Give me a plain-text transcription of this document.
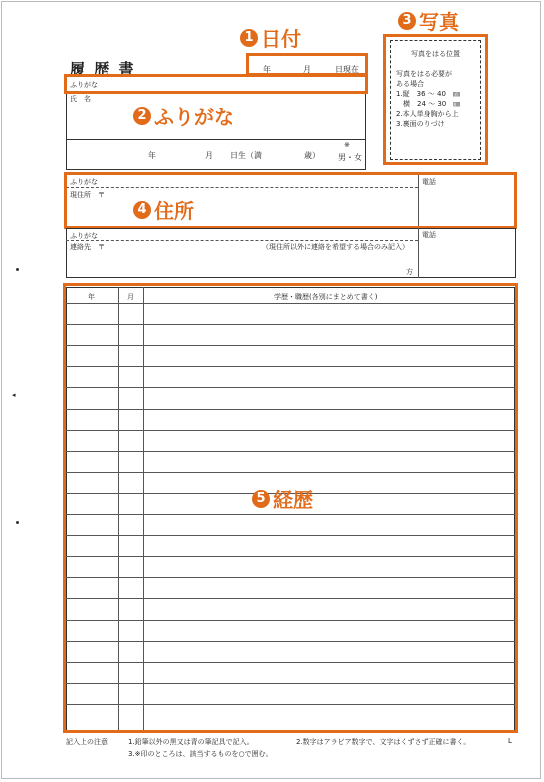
◂
履 歴 書	年	月	日現在
1 日付
3 写真
写真をはる位置
写真をはる必要が
ある場合
1.縦　36 ～ 40　㎜
　横　24 ～ 30　㎜
2.本人単身胸から上
3.裏面のりづけ
ふりがな
氏　名
年	月 日生（満	歳）
※
男・女
2 ふりがな
ふりがな
現住所　〒
電話
4 住所
ふりがな
連絡先　〒	（現住所以外に連絡を希望する場合のみ記入）
方
電話
年	月	学歴・職歴(各別にまとめて書く)
5 経歴
記入上の注意	1.鉛筆以外の黒又は青の筆記具で記入。	2.数字はアラビア数字で、文字はくずさず正確に書く。
3.※印のところは、該当するものを○で囲む。
L
